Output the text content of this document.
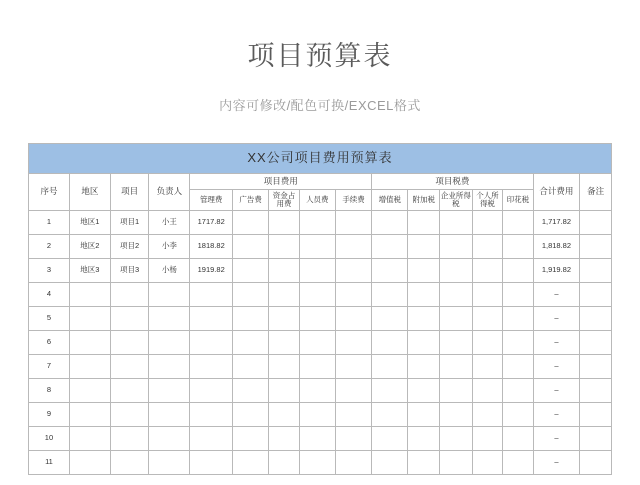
项目预算表
内容可修改/配色可换/EXCEL格式
XX公司项目费用预算表															
序号	地区	项目	负责人	项目费用					项目税费					合计费用	备注
				管理费	广告费	资金占用费	人员费	手续费	增值税	附加税	企业所得税	个人所得税	印花税		
1	地区1	项目1	小王	1717.82										1,717.82	
2	地区2	项目2	小李	1818.82										1,818.82	
3	地区3	项目3	小杨	1919.82										1,919.82	
4														–	
5														–	
6														–	
7														–	
8														–	
9														–	
10														–	
11														–	
